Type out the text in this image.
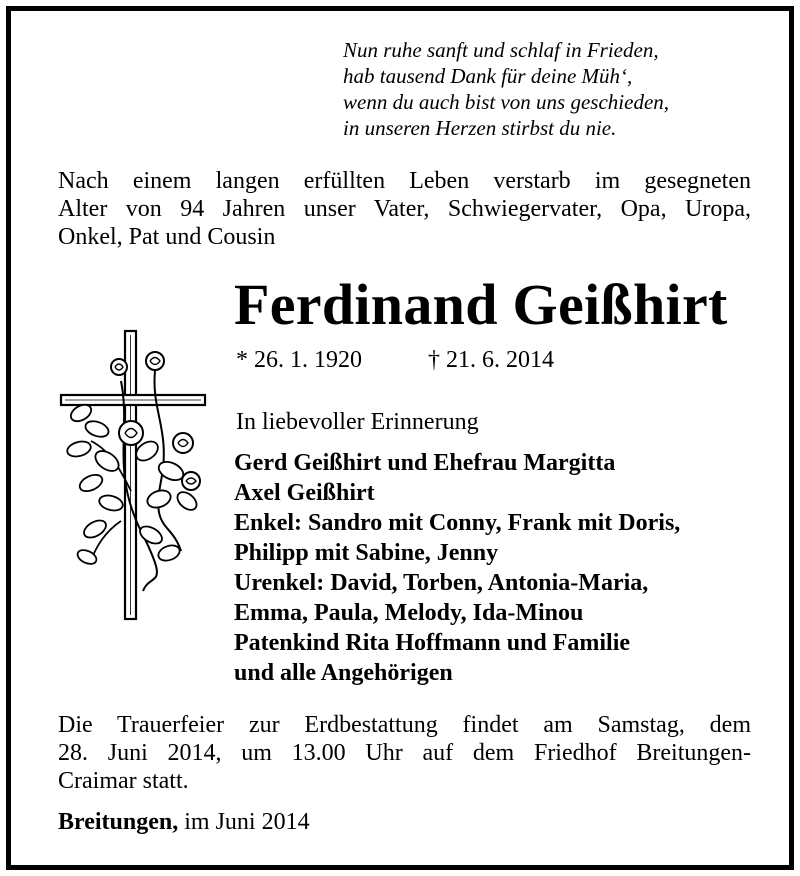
Nun ruhe sanft und schlaf in Frieden,
hab tausend Dank für deine Müh‘,
wenn du auch bist von uns geschieden,
in unseren Herzen stirbst du nie.
Nach einem langen erfüllten Leben verstarb im gesegneten
Alter von 94 Jahren unser Vater, Schwiegervater, Opa, Uropa,
Onkel, Pat und Cousin
Ferdinand Geißhirt
* 26. 1. 1920	† 21. 6. 2014
In liebevoller Erinnerung
Gerd Geißhirt und Ehefrau Margitta
Axel Geißhirt
Enkel: Sandro mit Conny, Frank mit Doris,
Philipp mit Sabine, Jenny
Urenkel: David, Torben, Antonia-Maria,
Emma, Paula, Melody, Ida-Minou
Patenkind Rita Hoffmann und Familie
und alle Angehörigen
Die Trauerfeier zur Erdbestattung findet am Samstag, dem
28. Juni 2014, um 13.00 Uhr auf dem Friedhof Breitungen-
Craimar statt.
Breitungen, im Juni 2014
